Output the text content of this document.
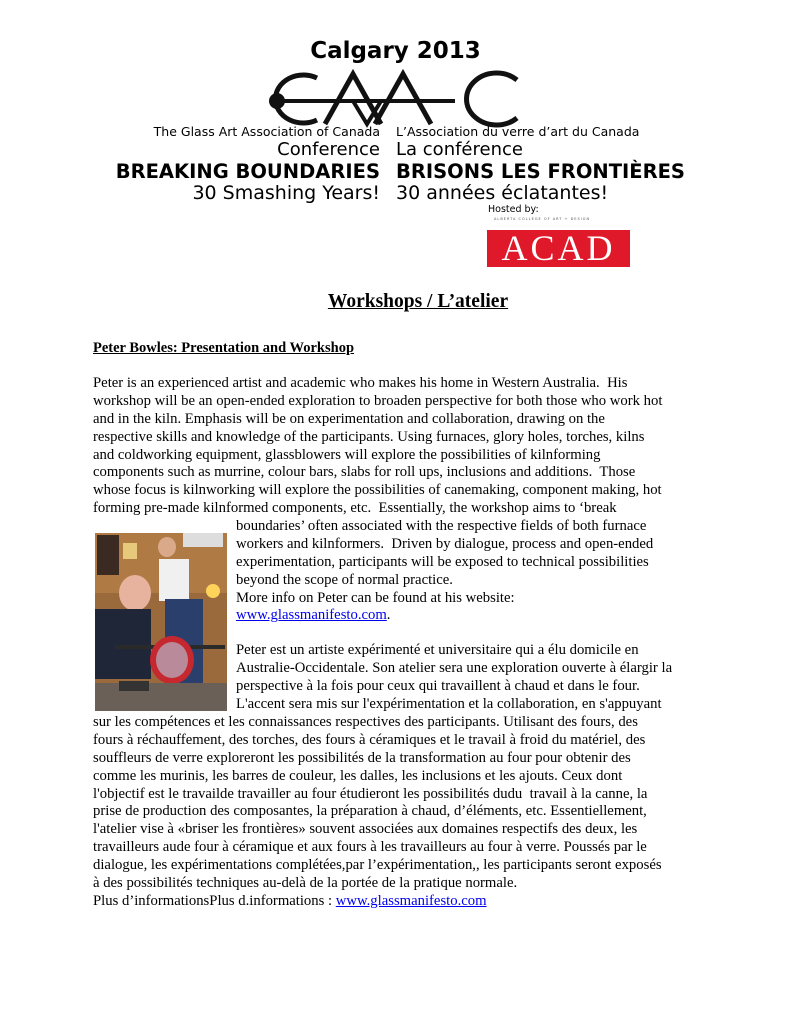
Calgary 2013
The Glass Art Association of Canada L’Association du verre d’art du Canada
Conference La conférence
BREAKING BOUNDARIES BRISONS LES FRONTIÈRES
30 Smashing Years! 30 années éclatantes!
Hosted by:
ALBERTA COLLEGE OF ART + DESIGN
ACAD
Workshops / L’atelier
Peter Bowles: Presentation and Workshop
Peter is an experienced artist and academic who makes his home in Western Australia.  His
workshop will be an open-ended exploration to broaden perspective for both those who work hot
and in the kiln. Emphasis will be on experimentation and collaboration, drawing on the
respective skills and knowledge of the participants. Using furnaces, glory holes, torches, kilns
and coldworking equipment, glassblowers will explore the possibilities of kilnforming
components such as murrine, colour bars, slabs for roll ups, inclusions and additions.  Those
whose focus is kilnworking will explore the possibilities of canemaking, component making, hot
forming pre-made kilnformed components, etc.  Essentially, the workshop aims to ‘break
boundaries’ often associated with the respective fields of both furnace
workers and kilnformers.  Driven by dialogue, process and open-ended
experimentation, participants will be exposed to technical possibilities
beyond the scope of normal practice.
More info on Peter can be found at his website:
www.glassmanifesto.com.
Peter est un artiste expérimenté et universitaire qui a élu domicile en
Australie-Occidentale. Son atelier sera une exploration ouverte à élargir la
perspective à la fois pour ceux qui travaillent à chaud et dans le four.
L'accent sera mis sur l'expérimentation et la collaboration, en s'appuyant
sur les compétences et les connaissances respectives des participants. Utilisant des fours, des
fours à réchauffement, des torches, des fours à céramiques et le travail à froid du matériel, des
souffleurs de verre exploreront les possibilités de la transformation au four pour obtenir des
comme les murinis, les barres de couleur, les dalles, les inclusions et les ajouts. Ceux dont
l'objectif est le travailde travailler au four étudieront les possibilités dudu  travail à la canne, la
prise de production des composantes, la préparation à chaud, d’éléments, etc. Essentiellement,
l'atelier vise à «briser les frontières» souvent associées aux domaines respectifs des deux, les
travailleurs aude four à céramique et aux fours à les travailleurs au four à verre. Poussés par le
dialogue, les expérimentations complétées,par l’expérimentation,, les participants seront exposés
à des possibilités techniques au-delà de la portée de la pratique normale.
Plus d’informationsPlus d.informations : www.glassmanifesto.com
